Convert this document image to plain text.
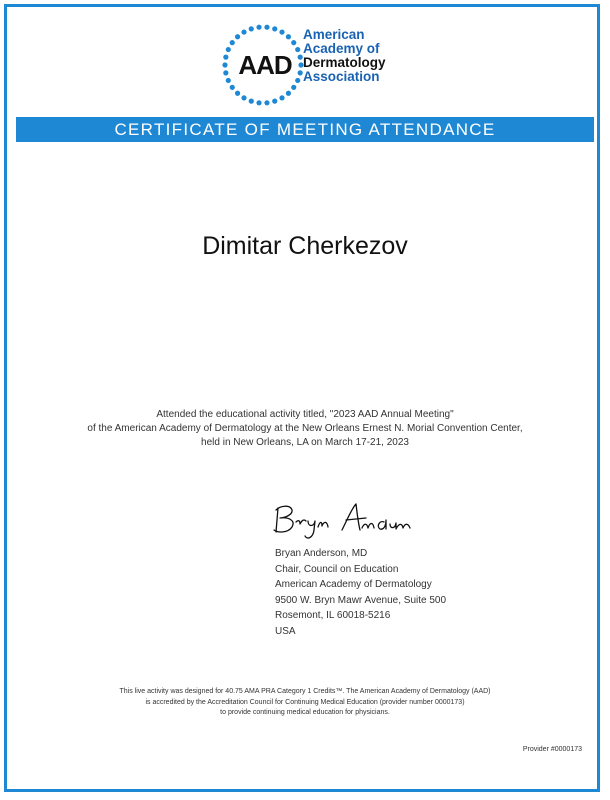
AAD
American
Academy of
Dermatology
Association
CERTIFICATE OF MEETING ATTENDANCE
Dimitar Cherkezov
Attended the educational activity titled, "2023 AAD Annual Meeting"
of the American Academy of Dermatology at the New Orleans Ernest N. Morial Convention Center,
held in New Orleans, LA on March 17-21, 2023
Bryan Anderson, MD
Chair, Council on Education
American Academy of Dermatology
9500 W. Bryn Mawr Avenue, Suite 500
Rosemont, IL 60018-5216
USA
This live activity was designed for 40.75 AMA PRA Category 1 Credits™. The American Academy of Dermatology (AAD)
is accredited by the Accreditation Council for Continuing Medical Education (provider number 0000173)
to provide continuing medical education for physicians.
Provider #0000173
